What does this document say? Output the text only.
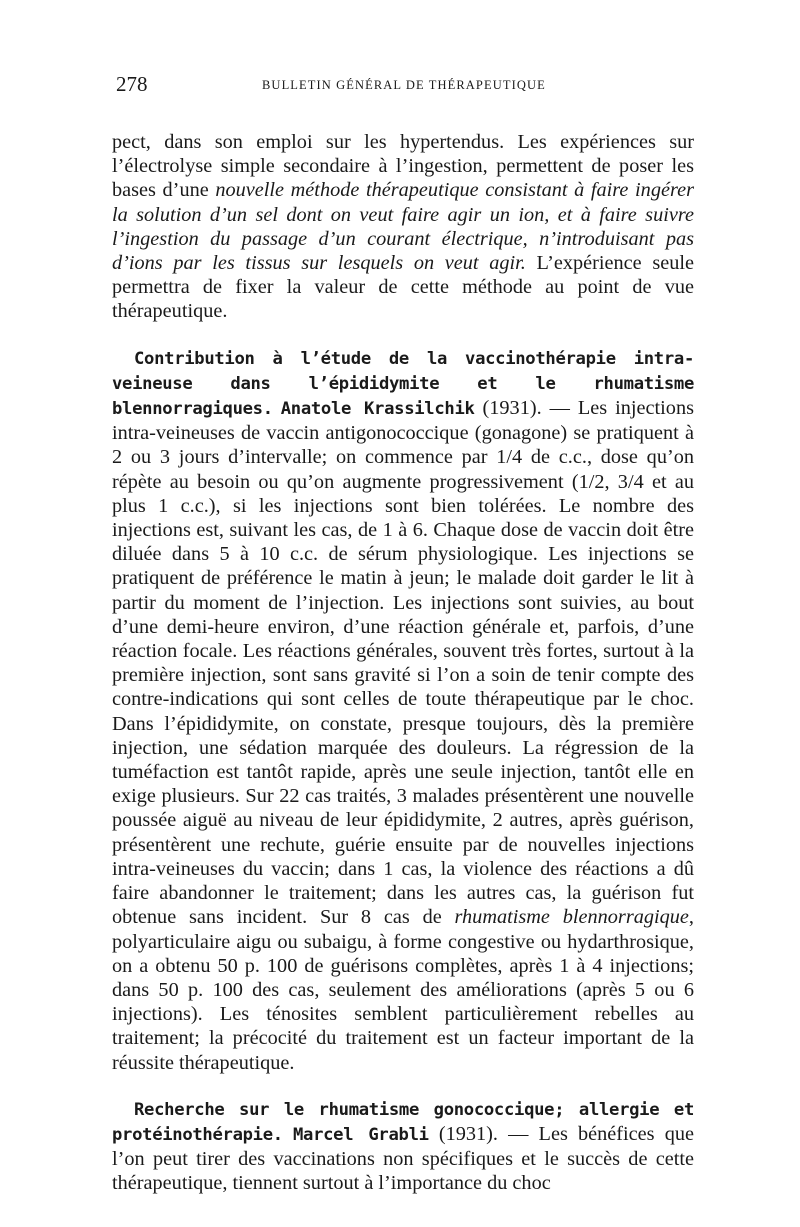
278	BULLETIN GÉNÉRAL DE THÉRAPEUTIQUE

pect, dans son emploi sur les hypertendus. Les expériences sur l’électrolyse simple secondaire à l’ingestion, permettent de poser les bases d’une nouvelle méthode thérapeutique consistant à faire ingérer la solution d’un sel dont on veut faire agir un ion, et à faire suivre l’ingestion du passage d’un courant électrique, n’introduisant pas d’ions par les tissus sur lesquels on veut agir. L’expérience seule permettra de fixer la valeur de cette méthode au point de vue thérapeutique.

Contribution à l’étude de la vaccinothérapie intra-veineuse dans l’épididymite et le rhumatisme blennorragiques. Anatole Krassilchik (1931). — Les injections intra-veineuses de vaccin antigonococcique (gonagone) se pratiquent à 2 ou 3 jours d’intervalle; on commence par 1/4 de c.c., dose qu’on répète au besoin ou qu’on augmente progressivement (1/2, 3/4 et au plus 1 c.c.), si les injections sont bien tolérées. Le nombre des injections est, suivant les cas, de 1 à 6. Chaque dose de vaccin doit être diluée dans 5 à 10 c.c. de sérum physiologique. Les injections se pratiquent de préférence le matin à jeun; le malade doit garder le lit à partir du moment de l’injection. Les injections sont suivies, au bout d’une demi-heure environ, d’une réaction générale et, parfois, d’une réaction focale. Les réactions générales, souvent très fortes, surtout à la première injection, sont sans gravité si l’on a soin de tenir compte des contre-indications qui sont celles de toute thérapeutique par le choc. Dans l’épididymite, on constate, presque toujours, dès la première injection, une sédation marquée des douleurs. La régression de la tuméfaction est tantôt rapide, après une seule injection, tantôt elle en exige plusieurs. Sur 22 cas traités, 3 malades présentèrent une nouvelle poussée aiguë au niveau de leur épididymite, 2 autres, après guérison, présentèrent une rechute, guérie ensuite par de nouvelles injections intra-veineuses du vaccin; dans 1 cas, la violence des réactions a dû faire abandonner le traitement; dans les autres cas, la guérison fut obtenue sans incident. Sur 8 cas de rhumatisme blennorragique, polyarticulaire aigu ou subaigu, à forme congestive ou hydarthrosique, on a obtenu 50 p. 100 de guérisons complètes, après 1 à 4 injections; dans 50 p. 100 des cas, seulement des améliorations (après 5 ou 6 injections). Les ténosites semblent particulièrement rebelles au traitement; la précocité du traitement est un facteur important de la réussite thérapeutique.

Recherche sur le rhumatisme gonococcique; allergie et protéinothérapie. Marcel Grabli (1931). — Les bénéfices que l’on peut tirer des vaccinations non spécifiques et le succès de cette thérapeutique, tiennent surtout à l’importance du choc
